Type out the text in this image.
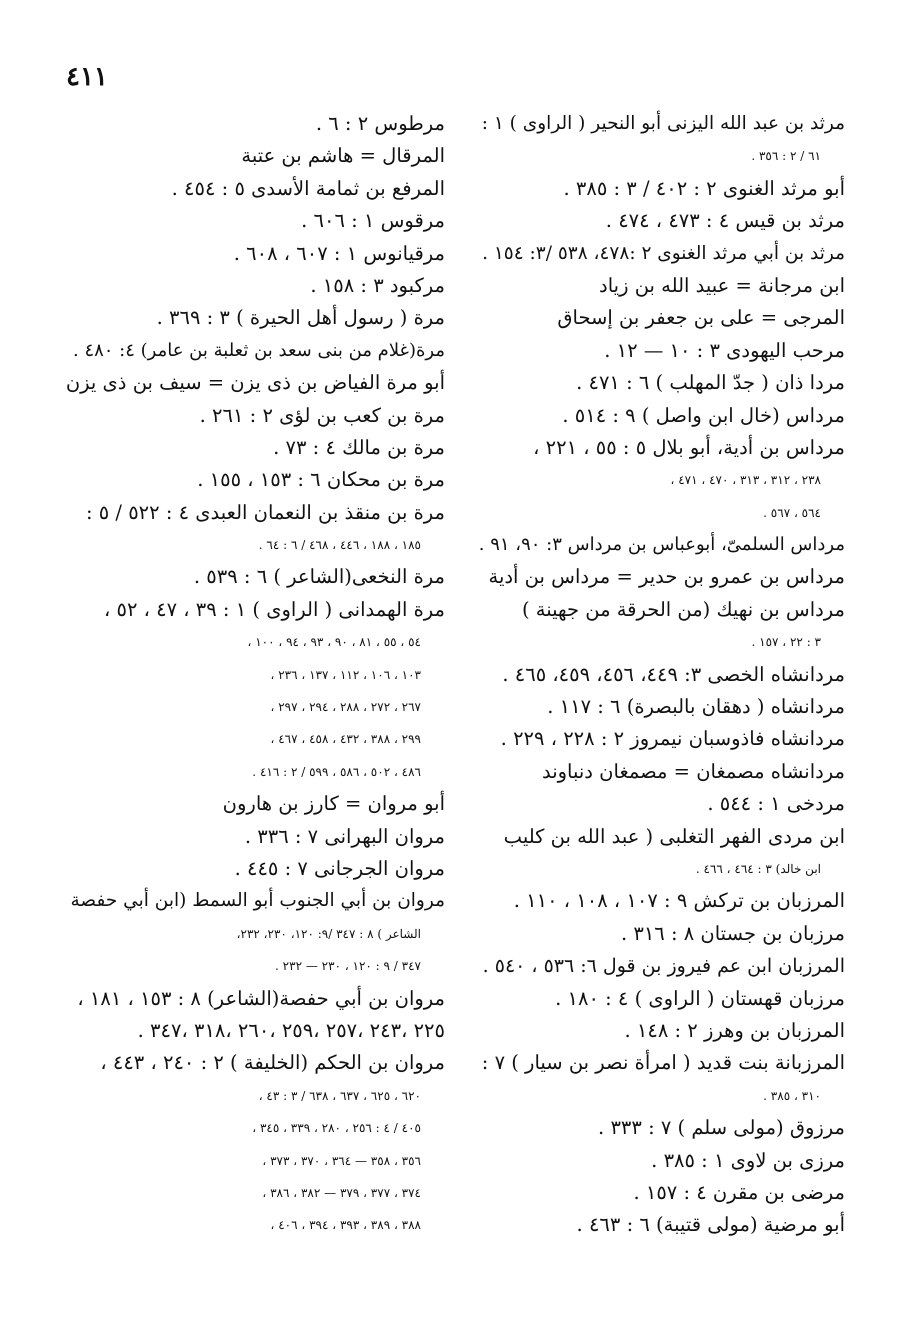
٤١١
مرثد بن عبد الله اليزنى أبو النحير ( الراوى ) ١ :
٦١ / ٢ : ٣٥٦ .
أبو مرثد الغنوى ٢ : ٤٠٢ / ٣ : ٣٨٥ .
مرثد بن قيس ٤ : ٤٧٣ ، ٤٧٤ .
مرثد بن أبي مرثد الغنوى ٢ :٤٧٨، ٥٣٨ /٣: ١٥٤ .
ابن مرجانة = عبيد الله بن زياد
المرجى = على بن جعفر بن إسحاق
مرحب اليهودى ٣ : ١٠ — ١٢ .
مردا ذان ( جدّ المهلب ) ٦ : ٤٧١ .
مرداس (خال ابن واصل ) ٩ : ٥١٤ .
مرداس بن أدية، أبو بلال ٥ : ٥٥ ، ٢٢١ ،
٢٣٨ ، ٣١٢ ، ٣١٣ ، ٤٧٠ ، ٤٧١ ،
٥٦٤ ، ٥٦٧ .
مرداس السلمىّ، أبوعباس بن مرداس ٣: ٩٠، ٩١ .
مرداس بن عمرو بن حدير = مرداس بن أدية
مرداس بن نهيك (من الحرقة من جهينة )
٣ : ٢٢ ، ١٥٧ .
مردانشاه الخصى ٣: ٤٤٩، ٤٥٦، ٤٥٩، ٤٦٥ .
مردانشاه ( دهقان بالبصرة) ٦ : ١١٧ .
مردانشاه فاذوسبان نيمروز ٢ : ٢٢٨ ، ٢٢٩ .
مردانشاه مصمغان = مصمغان دنباوند
مردخى ١ : ٥٤٤ .
ابن مردى الفهر التغلبى ( عبد الله بن كليب
ابن خالد) ٣ : ٤٦٤ ، ٤٦٦ .
المرزبان بن تركش ٩ : ١٠٧ ، ١٠٨ ، ١١٠ .
مرزبان بن جستان ٨ : ٣١٦ .
المرزبان ابن عم فيروز بن قول ٦: ٥٣٦ ، ٥٤٠ .
مرزبان قهستان ( الراوى ) ٤ : ١٨٠ .
المرزبان بن وهرز ٢ : ١٤٨ .
المرزبانة بنت قديد ( امرأة نصر بن سيار ) ٧ :
٣١٠ ، ٣٨٥ .
مرزوق (مولى سلم ) ٧ : ٣٣٣ .
مرزى بن لاوى ١ : ٣٨٥ .
مرضى بن مقرن ٤ : ١٥٧ .
أبو مرضية (مولى قتيبة) ٦ : ٤٦٣ .
مرطوس ٢ : ٦ .
المرقال = هاشم بن عتبة
المرفع بن ثمامة الأسدى ٥ : ٤٥٤ .
مرقوس ١ : ٦٠٦ .
مرقيانوس ١ : ٦٠٧ ، ٦٠٨ .
مركبود ٣ : ١٥٨ .
مرة ( رسول أهل الحيرة ) ٣ : ٣٦٩ .
مرة(غلام من بنى سعد بن ثعلبة بن عامر) ٤: ٤٨٠ .
أبو مرة الفياض بن ذى يزن = سيف بن ذى يزن
مرة بن كعب بن لؤى ٢ : ٢٦١ .
مرة بن مالك ٤ : ٧٣ .
مرة بن محكان ٦ : ١٥٣ ، ١٥٥ .
مرة بن منقذ بن النعمان العبدى ٤ : ٥٢٢ / ٥ :
١٨٥ ، ١٨٨ ، ٤٤٦ ، ٤٦٨ / ٦ : ٦٤ .
مرة النخعى(الشاعر ) ٦ : ٥٣٩ .
مرة الهمدانى ( الراوى ) ١ : ٣٩ ، ٤٧ ، ٥٢ ،
٥٤ ، ٥٥ ، ٨١ ، ٩٠ ، ٩٣ ، ٩٤ ، ١٠٠ ،
١٠٣ ، ١٠٦ ، ١١٢ ، ١٣٧ ، ٢٣٦ ،
٢٦٧ ، ٢٧٢ ، ٢٨٨ ، ٢٩٤ ، ٢٩٧ ،
٢٩٩ ، ٣٨٨ ، ٤٣٢ ، ٤٥٨ ، ٤٦٧ ،
٤٨٦ ، ٥٠٢ ، ٥٨٦ ، ٥٩٩ / ٢ : ٤١٦ .
أبو مروان = كارز بن هارون
مروان البهرانى ٧ : ٣٣٦ .
مروان الجرجانى ٧ : ٤٤٥ .
مروان بن أبي الجنوب أبو السمط (ابن أبي حفصة
الشاعر ) ٨ : ٣٤٧ /٩: ١٢٠، ٢٣٠، ٢٣٢،
٣٤٧ / ٩ : ١٢٠ ، ٢٣٠ — ٢٣٢ .
مروان بن أبي حفصة(الشاعر) ٨ : ١٥٣ ، ١٨١ ،
٢٢٥ ،٢٤٣ ،٢٥٧ ،٢٥٩ ،٢٦٠ ،٣١٨ ،٣٤٧ .
مروان بن الحكم (الخليفة ) ٢ : ٢٤٠ ، ٤٤٣ ،
٦٢٠ ، ٦٢٥ ، ٦٣٧ ، ٦٣٨ / ٣ : ٤٣ ،
٤٠٥ / ٤ : ٢٥٦ ، ٢٨٠ ، ٣٣٩ ، ٣٤٥ ،
٣٥٦ ، ٣٥٨ — ٣٦٤ ، ٣٧٠ ، ٣٧٣ ،
٣٧٤ ، ٣٧٧ ، ٣٧٩ — ٣٨٢ ، ٣٨٦ ،
٣٨٨ ، ٣٨٩ ، ٣٩٣ ، ٣٩٤ ، ٤٠٦ ،
